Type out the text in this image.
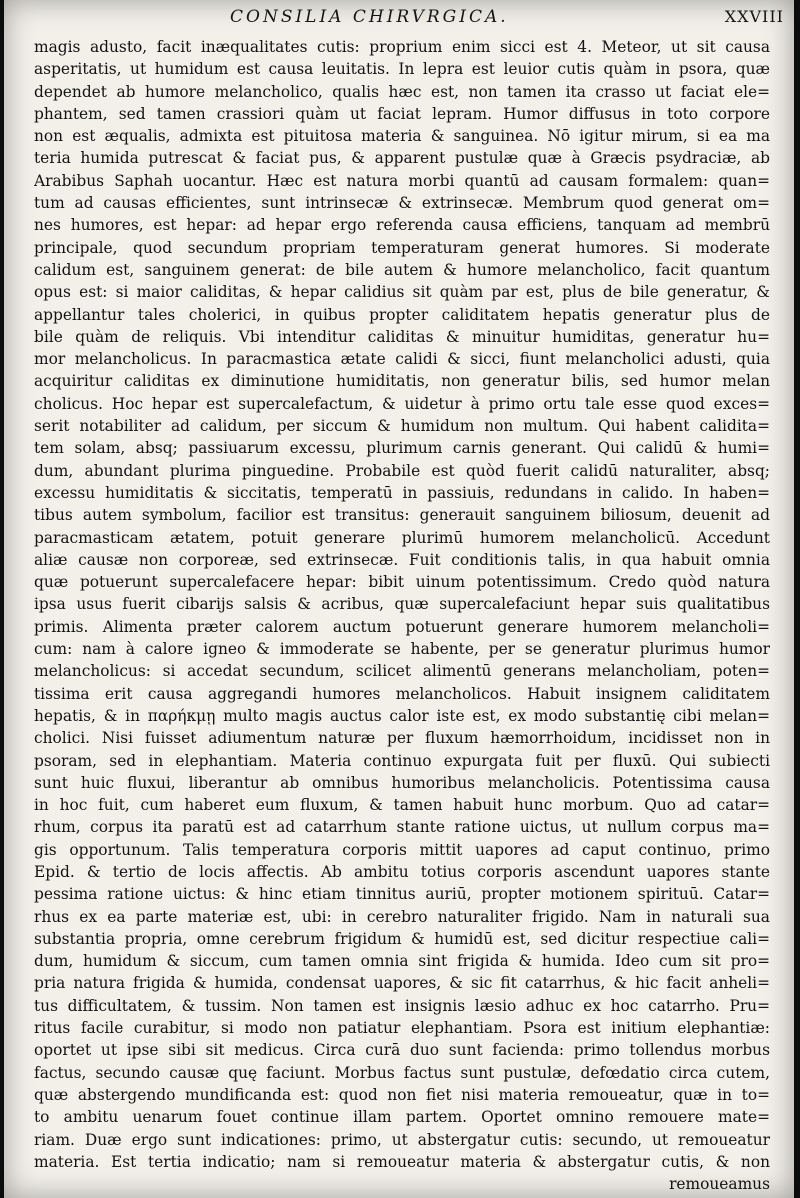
CONSILIA CHIRVRGICA.	XXVIII
magis adusto, facit inæqualitates cutis: proprium enim sicci est 4. Meteor, ut sit causa
asperitatis, ut humidum est causa leuitatis. In lepra est leuior cutis quàm in psora, quæ
dependet ab humore melancholico, qualis hæc est, non tamen ita crasso ut faciat ele=
phantem, sed tamen crassiori quàm ut faciat lepram. Humor diffusus in toto corpore
non est æqualis, admixta est pituitosa materia & sanguinea. Nō igitur mirum, si ea ma
teria humida putrescat & faciat pus, & apparent pustulæ quæ à Græcis psydraciæ, ab
Arabibus Saphah uocantur. Hæc est natura morbi quantū ad causam formalem: quan=
tum ad causas efficientes, sunt intrinsecæ & extrinsecæ. Membrum quod generat om=
nes humores, est hepar: ad hepar ergo referenda causa efficiens, tanquam ad membrū
principale, quod secundum propriam temperaturam generat humores. Si moderate
calidum est, sanguinem generat: de bile autem & humore melancholico, facit quantum
opus est: si maior caliditas, & hepar calidius sit quàm par est, plus de bile generatur, &
appellantur tales cholerici, in quibus propter caliditatem hepatis generatur plus de
bile quàm de reliquis. Vbi intenditur caliditas & minuitur humiditas, generatur hu=
mor melancholicus. In paracmastica ætate calidi & sicci, fiunt melancholici adusti, quia
acquiritur caliditas ex diminutione humiditatis, non generatur bilis, sed humor melan
cholicus. Hoc hepar est supercalefactum, & uidetur à primo ortu tale esse quod exces=
serit notabiliter ad calidum, per siccum & humidum non multum. Qui habent calidita=
tem solam, absq; passiuarum excessu, plurimum carnis generant. Qui calidū & humi=
dum, abundant plurima pinguedine. Probabile est quòd fuerit calidū naturaliter, absq;
excessu humiditatis & siccitatis, temperatū in passiuis, redundans in calido. In haben=
tibus autem symbolum, facilior est transitus: generauit sanguinem biliosum, deuenit ad
paracmasticam ætatem, potuit generare plurimū humorem melancholicū. Accedunt
aliæ causæ non corporeæ, sed extrinsecæ. Fuit conditionis talis, in qua habuit omnia
quæ potuerunt supercalefacere hepar: bibit uinum potentissimum. Credo quòd natura
ipsa usus fuerit cibarijs salsis & acribus, quæ supercalefaciunt hepar suis qualitatibus
primis. Alimenta præter calorem auctum potuerunt generare humorem melancholi=
cum: nam à calore igneo & immoderate se habente, per se generatur plurimus humor
melancholicus: si accedat secundum, scilicet alimentū generans melancholiam, poten=
tissima erit causa aggregandi humores melancholicos. Habuit insignem caliditatem
hepatis, & in παρήκμῃ multo magis auctus calor iste est, ex modo substantię cibi melan=
cholici. Nisi fuisset adiumentum naturæ per fluxum hæmorrhoidum, incidisset non in
psoram, sed in elephantiam. Materia continuo expurgata fuit per fluxū. Qui subiecti
sunt huic fluxui, liberantur ab omnibus humoribus melancholicis. Potentissima causa
in hoc fuit, cum haberet eum fluxum, & tamen habuit hunc morbum. Quo ad catar=
rhum, corpus ita paratū est ad catarrhum stante ratione uictus, ut nullum corpus ma=
gis opportunum. Talis temperatura corporis mittit uapores ad caput continuo, primo
Epid. & tertio de locis affectis. Ab ambitu totius corporis ascendunt uapores stante
pessima ratione uictus: & hinc etiam tinnitus auriū, propter motionem spirituū. Catar=
rhus ex ea parte materiæ est, ubi: in cerebro naturaliter frigido. Nam in naturali sua
substantia propria, omne cerebrum frigidum & humidū est, sed dicitur respectiue cali=
dum, humidum & siccum, cum tamen omnia sint frigida & humida. Ideo cum sit pro=
pria natura frigida & humida, condensat uapores, & sic fit catarrhus, & hic facit anheli=
tus difficultatem, & tussim. Non tamen est insignis læsio adhuc ex hoc catarrho. Pru=
ritus facile curabitur, si modo non patiatur elephantiam. Psora est initium elephantiæ:
oportet ut ipse sibi sit medicus. Circa curā duo sunt facienda: primo tollendus morbus
factus, secundo causæ quę faciunt. Morbus factus sunt pustulæ, defœdatio circa cutem,
quæ abstergendo mundificanda est: quod non fiet nisi materia remoueatur, quæ in to=
to ambitu uenarum fouet continue illam partem. Oportet omnino remouere mate=
riam. Duæ ergo sunt indicationes: primo, ut abstergatur cutis: secundo, ut remoueatur
materia. Est tertia indicatio; nam si remoueatur materia & abstergatur cutis, & non
remoueamus
